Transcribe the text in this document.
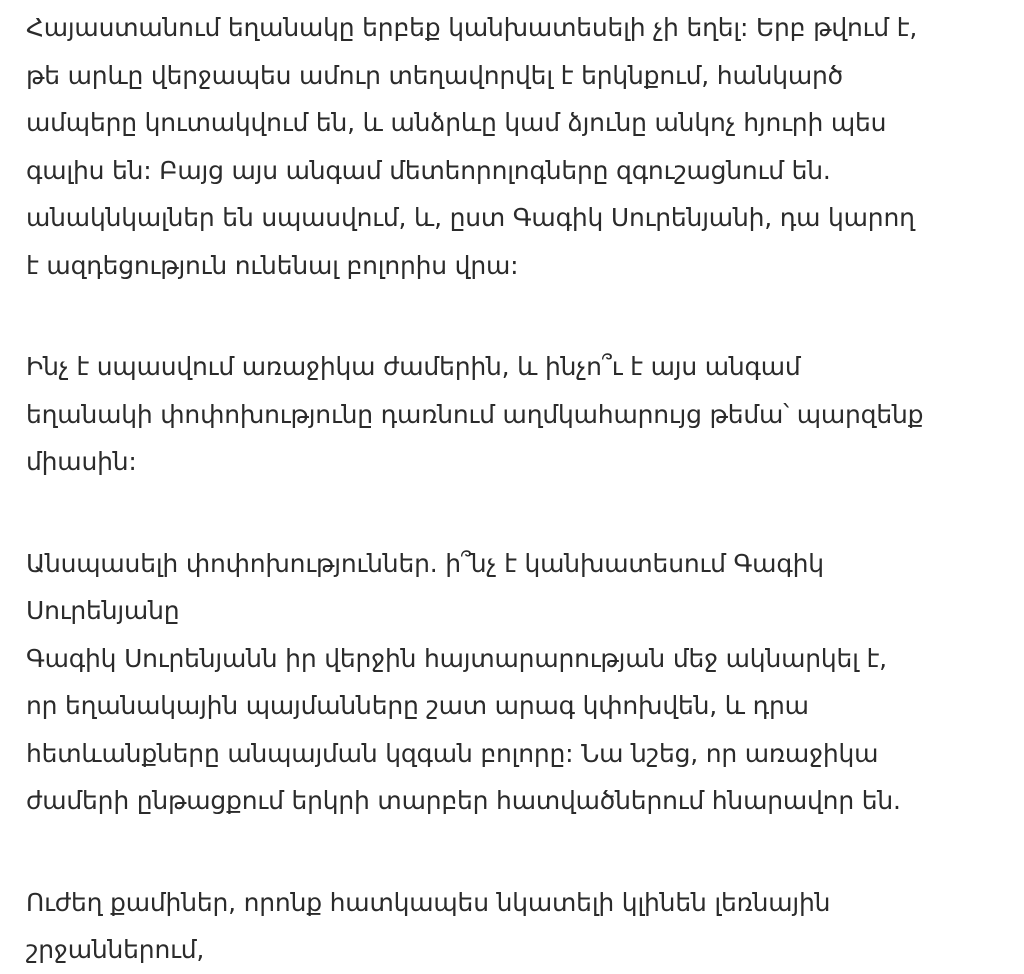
Հայաստանում եղանակը երբեք կանխատեսելի չի եղել: Երբ թվում է,
թե արևը վերջապես ամուր տեղավորվել է երկնքում, հանկարծ
ամպերը կուտակվում են, և անձրևը կամ ձյունը անկոչ հյուրի պես
գալիս են: Բայց այս անգամ մետեորոլոգները զգուշացնում են.
անակնկալներ են սպասվում, և, ըստ Գագիկ Սուրենյանի, դա կարող
է ազդեցություն ունենալ բոլորիս վրա:

Ինչ է սպասվում առաջիկա ժամերին, և ինչո՞ւ է այս անգամ
եղանակի փոփոխությունը դառնում աղմկահարույց թեմա՝ պարզենք
միասին:

Անսպասելի փոփոխություններ. ի՞նչ է կանխատեսում Գագիկ
Սուրենյանը
Գագիկ Սուրենյանն իր վերջին հայտարարության մեջ ակնարկել է,
որ եղանակային պայմանները շատ արագ կփոխվեն, և դրա
հետևանքները անպայման կզգան բոլորը: Նա նշեց, որ առաջիկա
ժամերի ընթացքում երկրի տարբեր հատվածներում հնարավոր են.

Ուժեղ քամիներ, որոնք հատկապես նկատելի կլինեն լեռնային
շրջաններում,
